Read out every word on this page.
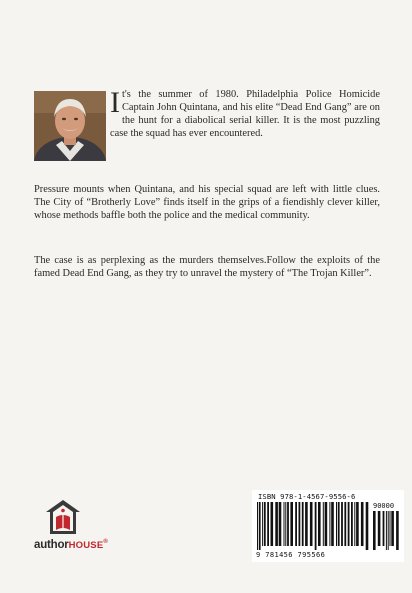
It's the summer of 1980. Philadelphia Police Homicide Captain John Quintana, and his elite “Dead End Gang” are on the hunt for a diabolical serial killer. It is the most puzzling case the squad has ever encountered.
Pressure mounts when Quintana, and his special squad are left with little clues. The City of “Brotherly Love” finds itself in the grips of a fiendishly clever killer, whose methods baffle both the police and the medical community.
The case is as perplexing as the murders themselves.Follow the exploits of the famed Dead End Gang, as they try to unravel the mystery of “The Trojan Killer”.
authorHOUSE®
ISBN 978-1-4567-9556-6
90000
9 781456 795566
